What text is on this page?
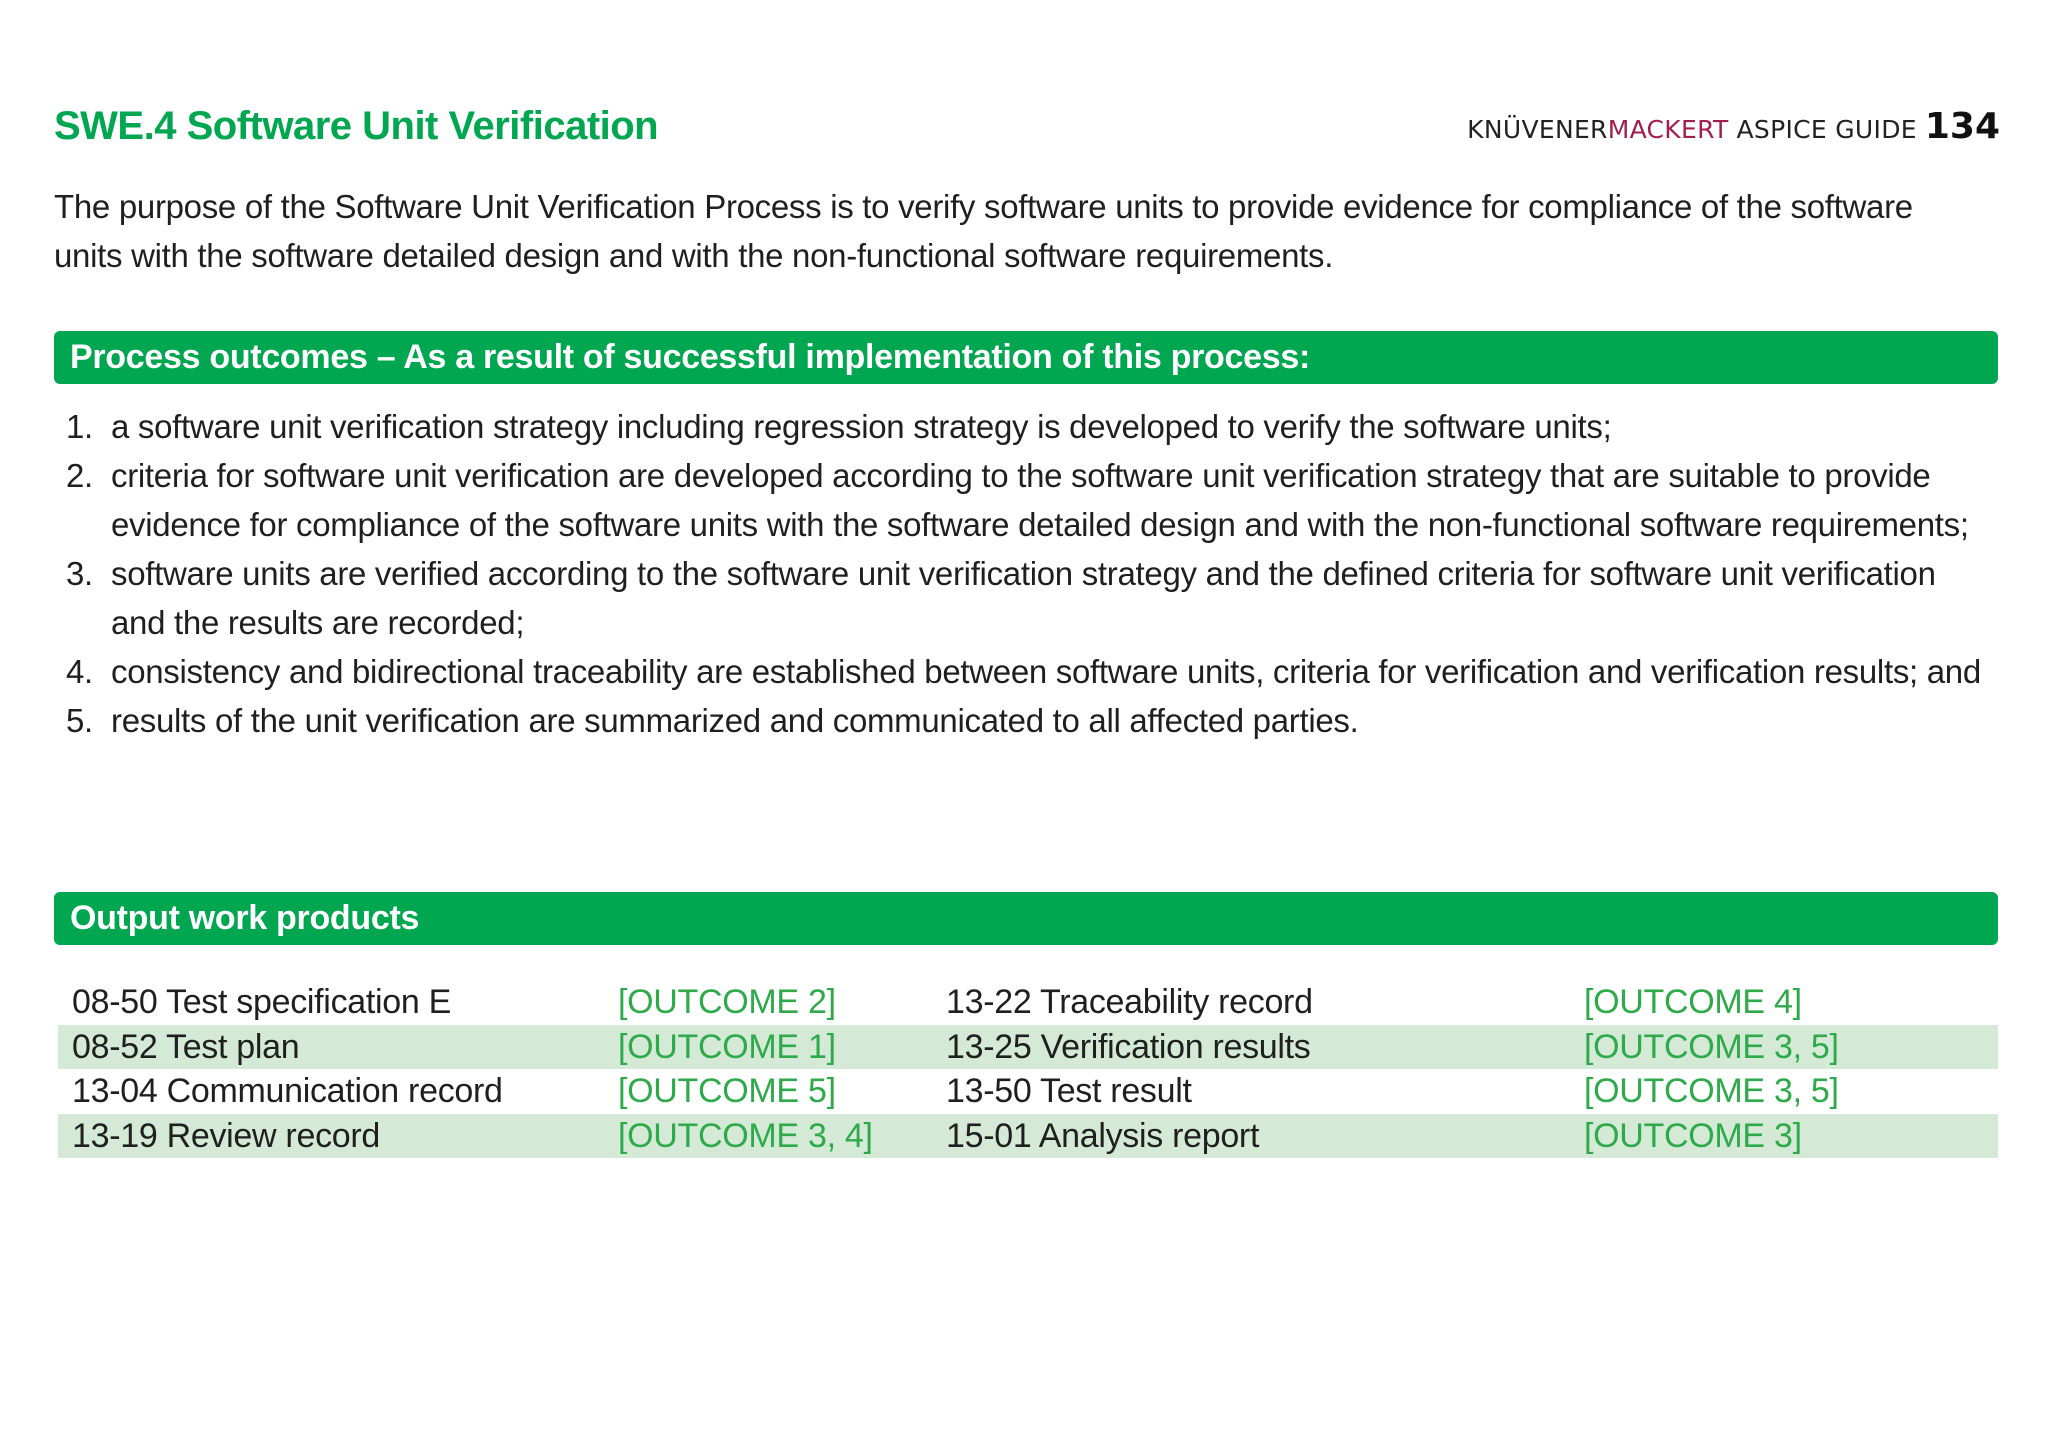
SWE.4 Software Unit Verification	KNÜVENER MACKERT ASPICE GUIDE 134
The purpose of the Software Unit Verification Process is to verify software units to provide evidence for compliance of the software units with the software detailed design and with the non-functional software requirements.
Process outcomes – As a result of successful implementation of this process:
1. a software unit verification strategy including regression strategy is developed to verify the software units;
2. criteria for software unit verification are developed according to the software unit verification strategy that are suitable to provide evidence for compliance of the software units with the software detailed design and with the non-functional software requirements;
3. software units are verified according to the software unit verification strategy and the defined criteria for software unit verification and the results are recorded;
4. consistency and bidirectional traceability are established between software units, criteria for verification and verification results; and
5. results of the unit verification are summarized and communicated to all affected parties.
Output work products
08-50 Test specification E	[OUTCOME 2]	13-22 Traceability record	[OUTCOME 4]
08-52 Test plan	[OUTCOME 1]	13-25 Verification results	[OUTCOME 3, 5]
13-04 Communication record	[OUTCOME 5]	13-50 Test result	[OUTCOME 3, 5]
13-19 Review record	[OUTCOME 3, 4]	15-01 Analysis report	[OUTCOME 3]
